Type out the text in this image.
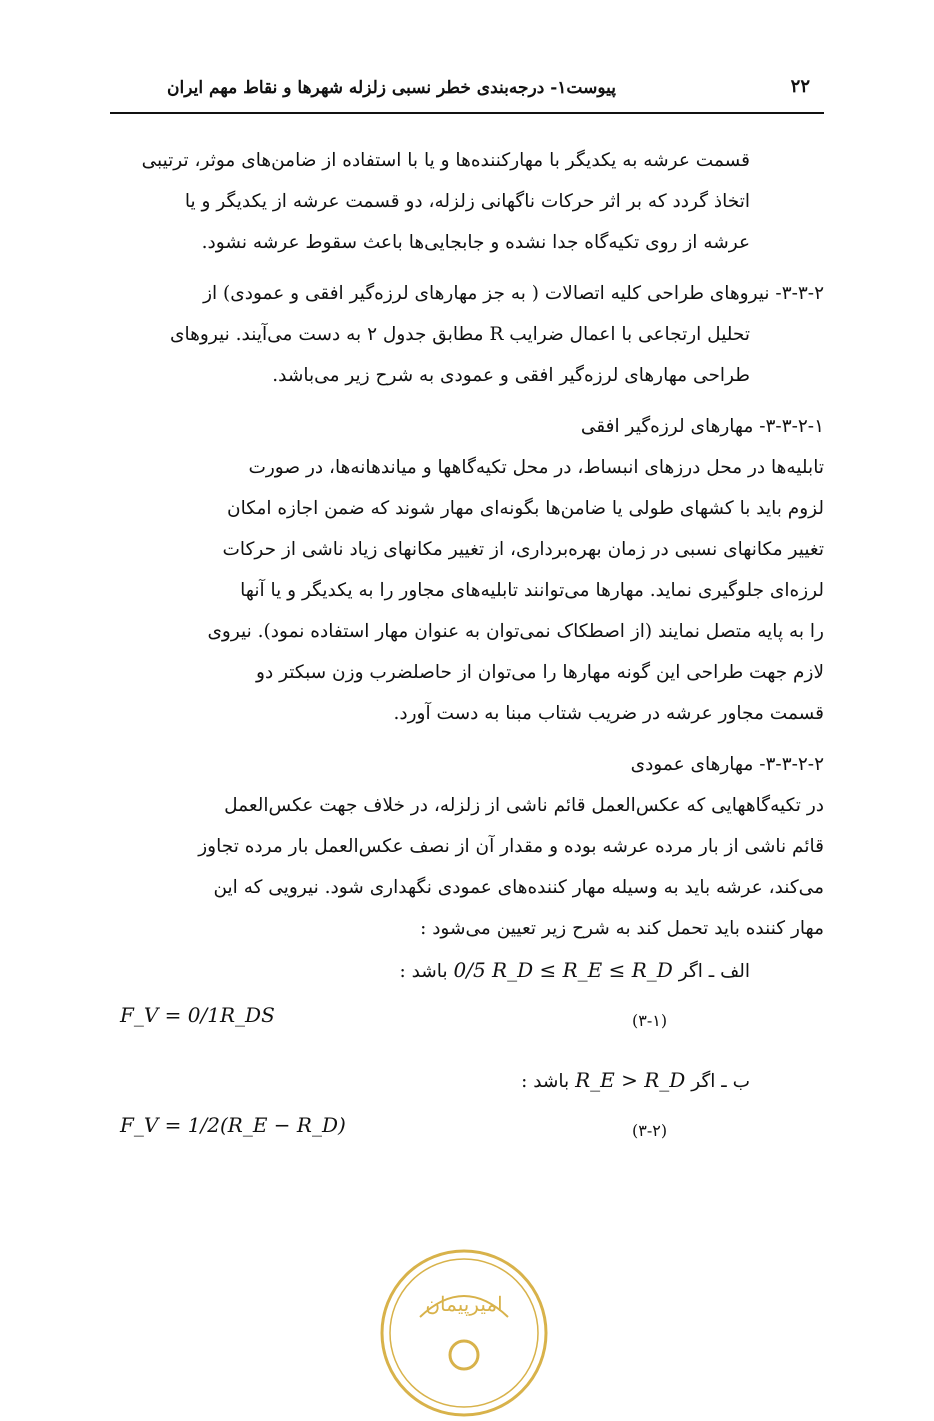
۲۲
پیوست۱- درجه‌بندی خطر نسبی زلزله شهرها و نقاط مهم ایران

قسمت عرشه به یکدیگر با مهارکننده‌ها و یا با استفاده از ضامن‌های موثر، ترتیبی

اتخاذ گردد که بر اثر حرکات ناگهانی زلزله، دو قسمت عرشه از یکدیگر و یا

عرشه از روی تکیه‌گاه جدا نشده و جابجایی‌ها باعث سقوط عرشه نشود.

۳-۳-۲- نیروهای طراحی کلیه اتصالات ( به جز مهارهای لرزه‌گیر افقی و عمودی) از

تحلیل ارتجاعی با اعمال ضرایب R مطابق جدول ۲ به دست می‌آیند. نیروهای

طراحی مهارهای لرزه‌گیر افقی و عمودی به شرح زیر می‌باشد.

۳-۳-۲-۱- مهارهای لرزه‌گیر افقی

تابلیه‌ها در محل درزهای انبساط، در محل تکیه‌گاهها و میاندهانه‌ها، در صورت

لزوم باید با کشهای طولی یا ضامن‌ها بگونه‌ای مهار شوند که ضمن اجازه امکان

تغییر مکانهای نسبی در زمان بهره‌برداری، از تغییر مکانهای زیاد ناشی از حرکات

لرزه‌ای جلوگیری نماید. مهارها می‌توانند تابلیه‌های مجاور را به یکدیگر و یا آنها

را به پایه متصل نمایند (از اصطکاک نمی‌توان به عنوان مهار استفاده نمود). نیروی

لازم جهت طراحی این گونه مهارها را می‌توان از حاصلضرب وزن سبکتر دو

قسمت مجاور عرشه در ضریب شتاب مبنا به دست آورد.

۳-۳-۲-۲- مهارهای عمودی

در تکیه‌گاههایی که عکس‌العمل قائم ناشی از زلزله، در خلاف جهت عکس‌العمل

قائم ناشی از بار مرده عرشه بوده و مقدار آن از نصف عکس‌العمل بار مرده تجاوز

می‌کند، عرشه باید به وسیله مهار کننده‌های عمودی نگهداری شود. نیرویی که این

مهار کننده باید تحمل کند به شرح زیر تعیین می‌شود :

الف ـ اگر 0/5 R_D ≤ R_E ≤ R_D باشد :
F_V = 0/1R_DS	(۳-۱)
ب ـ اگر R_E > R_D باشد :
F_V = 1/2(R_E − R_D)	(۳-۲)
امیرپیمان
